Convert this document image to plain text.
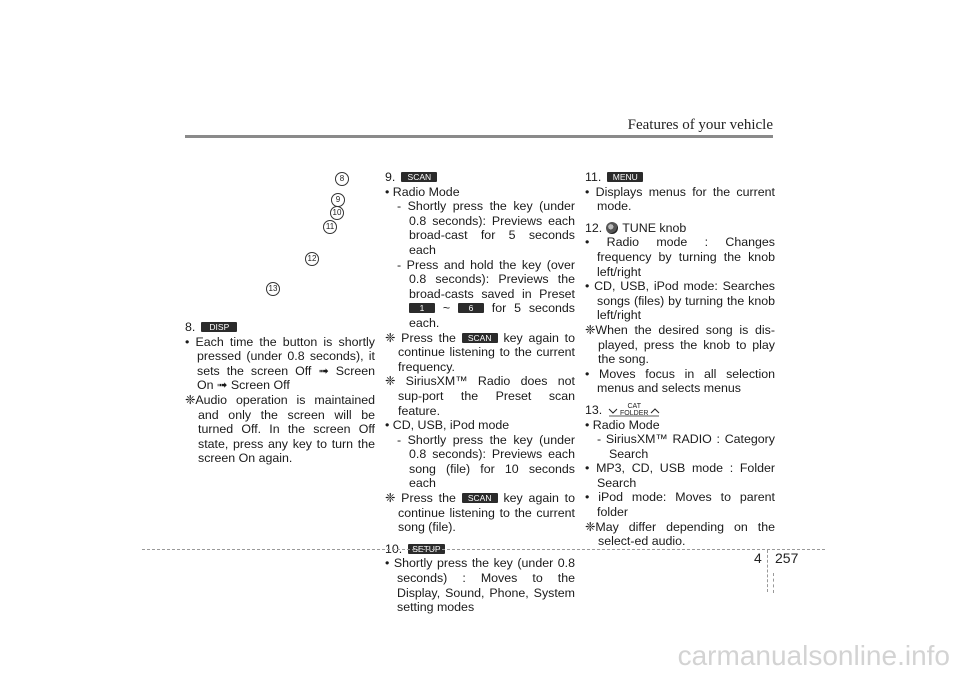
Features of your vehicle
8
9
10
11
12
13

8.	DISP

• Each time the button is shortly pressed (under 0.8 seconds), it sets the screen Off ➟ Screen On ➟ Screen Off

❈Audio operation is maintained and only the screen will be turned Off. In the screen Off state, press any key to turn the screen On again.

9.	SCAN

• Radio Mode

- Shortly press the key (under 0.8 seconds): Previews each broad-cast for 5 seconds each

- Press and hold the key (over 0.8 seconds): Previews the broad-casts saved in Preset 1 ~ 6 for 5 seconds each.

❈ Press the SCAN key again to continue listening to the current frequency.

❈ SiriusXM™ Radio does not sup-port the Preset scan feature.

• CD, USB, iPod mode

- Shortly press the key (under 0.8 seconds): Previews each song (file) for 10 seconds each

❈ Press the SCAN key again to continue listening to the current song (file).

10.	SETUP

• Shortly press the key (under 0.8 seconds) : Moves to the Display, Sound, Phone, System setting modes

11.	MENU

• Displays menus for the current mode.

12. TUNE knob

• Radio mode : Changes frequency by turning the knob left/right

• CD, USB, iPod mode: Searches songs (files) by turning the knob left/right

❈When the desired song is dis-played, press the knob to play the song.

• Moves focus in all selection menus and selects menus

13.	CAT
FOLDER

• Radio Mode

- SiriusXM™ RADIO : Category Search

• MP3, CD, USB mode : Folder Search

• iPod mode: Moves to parent folder

❈May differ depending on the select-ed audio.

4 257
carmanualsonline.info
